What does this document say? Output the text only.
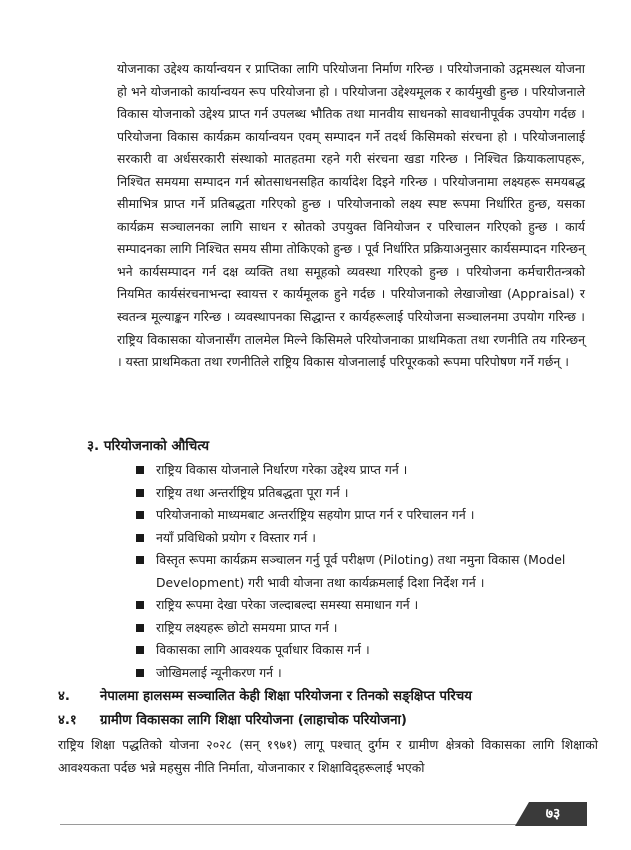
योजनाका उद्देश्य कार्यान्वयन र प्राप्तिका लागि परियोजना निर्माण गरिन्छ । परियोजनाको उद्गमस्थल योजना हो भने योजनाको कार्यान्वयन रूप परियोजना हो । परियोजना उद्देश्यमूलक र कार्यमुखी हुन्छ । परियोजनाले विकास योजनाको उद्देश्य प्राप्त गर्न उपलब्ध भौतिक तथा मानवीय साधनको सावधानीपूर्वक उपयोग गर्दछ । परियोजना विकास कार्यक्रम कार्यान्वयन एवम् सम्पादन गर्ने तदर्थ किसिमको संरचना हो । परियोजनालाई सरकारी वा अर्धसरकारी संस्थाको मातहतमा रहने गरी संरचना खडा गरिन्छ । निश्चित क्रियाकलापहरू, निश्चित समयमा सम्पादन गर्न स्रोतसाधनसहित कार्यादेश दिइने गरिन्छ । परियोजनामा लक्ष्यहरू समयबद्ध सीमाभित्र प्राप्त गर्ने प्रतिबद्धता गरिएको हुन्छ । परियोजनाको लक्ष्य स्पष्ट रूपमा निर्धारित हुन्छ, यसका कार्यक्रम सञ्चालनका लागि साधन र स्रोतको उपयुक्त विनियोजन र परिचालन गरिएको हुन्छ । कार्य सम्पादनका लागि निश्चित समय सीमा तोकिएको हुन्छ । पूर्व निर्धारित प्रक्रियाअनुसार कार्यसम्पादन गरिन्छन् भने कार्यसम्पादन गर्न दक्ष व्यक्ति तथा समूहको व्यवस्था गरिएको हुन्छ । परियोजना कर्मचारीतन्त्रको नियमित कार्यसंरचनाभन्दा स्वायत्त र कार्यमूलक हुने गर्दछ । परियोजनाको लेखाजोखा (Appraisal) र स्वतन्त्र मूल्याङ्कन गरिन्छ । व्यवस्थापनका सिद्धान्त र कार्यहरूलाई परियोजना सञ्चालनमा उपयोग गरिन्छ । राष्ट्रिय विकासका योजनासँग तालमेल मिल्ने किसिमले परियोजनाका प्राथमिकता तथा रणनीति तय गरिन्छन् । यस्ता प्राथमिकता तथा रणनीतिले राष्ट्रिय विकास योजनालाई परिपूरकको रूपमा परिपोषण गर्ने गर्छन् ।

३. परियोजनाको औचित्य
राष्ट्रिय विकास योजनाले निर्धारण गरेका उद्देश्य प्राप्त गर्न ।
राष्ट्रिय तथा अन्तर्राष्ट्रिय प्रतिबद्धता पूरा गर्न ।
परियोजनाको माध्यमबाट अन्तर्राष्ट्रिय सहयोग प्राप्त गर्न र परिचालन गर्न ।
नयाँ प्रविधिको प्रयोग र विस्तार गर्न ।
विस्तृत रूपमा कार्यक्रम सञ्चालन गर्नु पूर्व परीक्षण (Piloting) तथा नमुना विकास (Model Development) गरी भावी योजना तथा कार्यक्रमलाई दिशा निर्देश गर्न ।
राष्ट्रिय रूपमा देखा परेका जल्दाबल्दा समस्या समाधान गर्न ।
राष्ट्रिय लक्ष्यहरू छोटो समयमा प्राप्त गर्न ।
विकासका लागि आवश्यक पूर्वाधार विकास गर्न ।
जोखिमलाई न्यूनीकरण गर्न ।
४. नेपालमा हालसम्म सञ्चालित केही शिक्षा परियोजना र तिनको सङ्क्षिप्त परिचय
४.१ ग्रामीण विकासका लागि शिक्षा परियोजना (लाहाचोक परियोजना)

राष्ट्रिय शिक्षा पद्धतिको योजना २०२८ (सन् १९७१) लागू पश्चात् दुर्गम र ग्रामीण क्षेत्रको विकासका लागि शिक्षाको आवश्यकता पर्दछ भन्ने महसुस नीति निर्माता, योजनाकार र शिक्षाविद्हरूलाई भएको

७३
